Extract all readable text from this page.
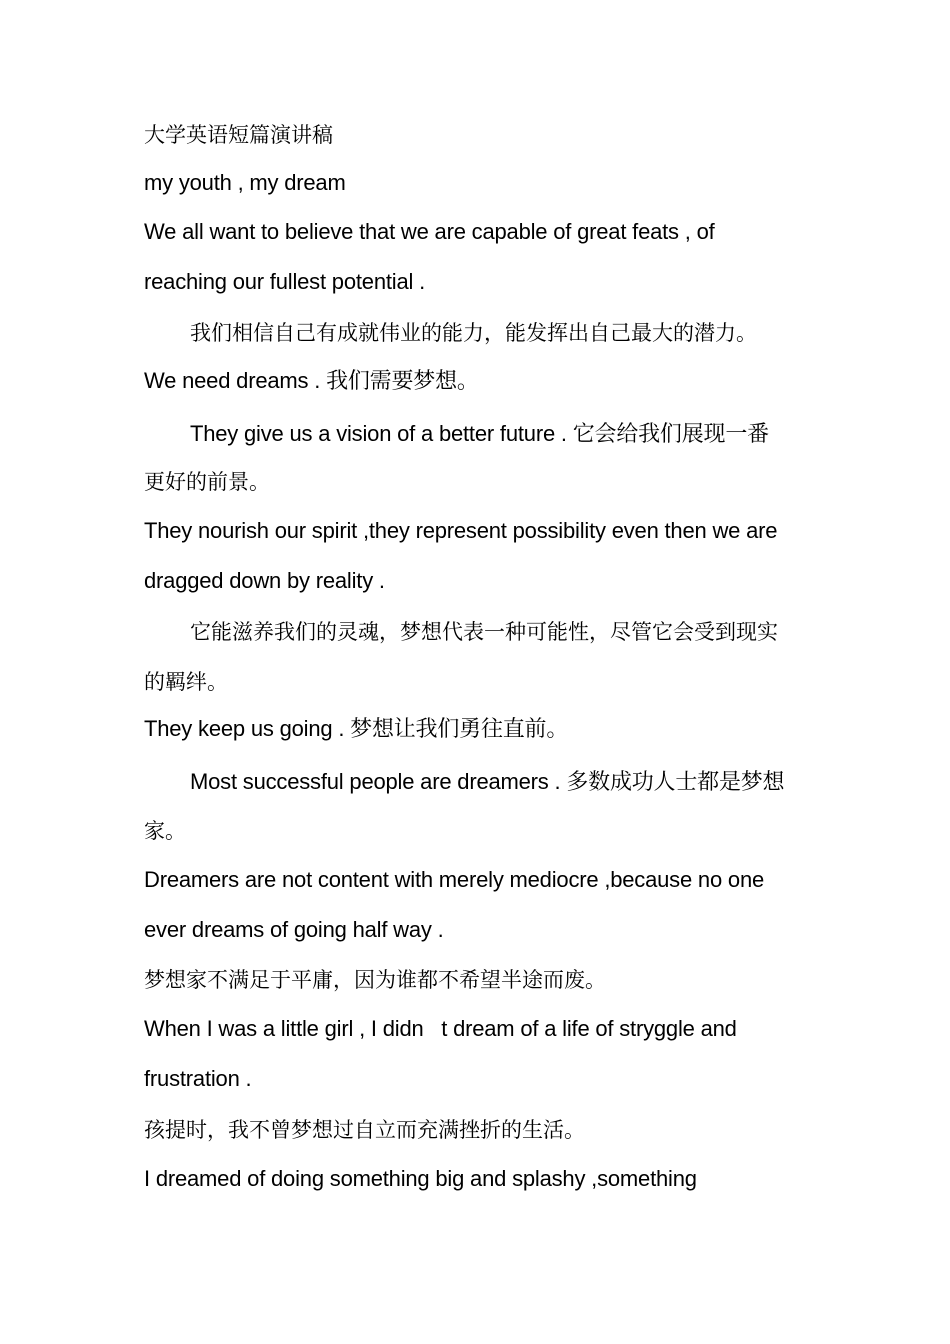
大学英语短篇演讲稿
my youth , my dream
We all want to believe that we are capable of great feats , of
reaching our fullest potential .
我们相信自己有成就伟业的能力，能发挥出自己最大的潜力。
We need dreams . 我们需要梦想。
They give us a vision of a better future . 它会给我们展现一番
更好的前景。
They nourish our spirit ,they represent possibility even then we are
dragged down by reality .
它能滋养我们的灵魂，梦想代表一种可能性，尽管它会受到现实
的羁绊。
They keep us going . 梦想让我们勇往直前。
Most successful people are dreamers . 多数成功人士都是梦想
家。
Dreamers are not content with merely mediocre ,because no one
ever dreams of going half way .
梦想家不满足于平庸，因为谁都不希望半途而废。
When I was a little girl , I didn   t dream of a life of stryggle and
frustration .
孩提时，我不曾梦想过自立而充满挫折的生活。
I dreamed of doing something big and splashy ,something
